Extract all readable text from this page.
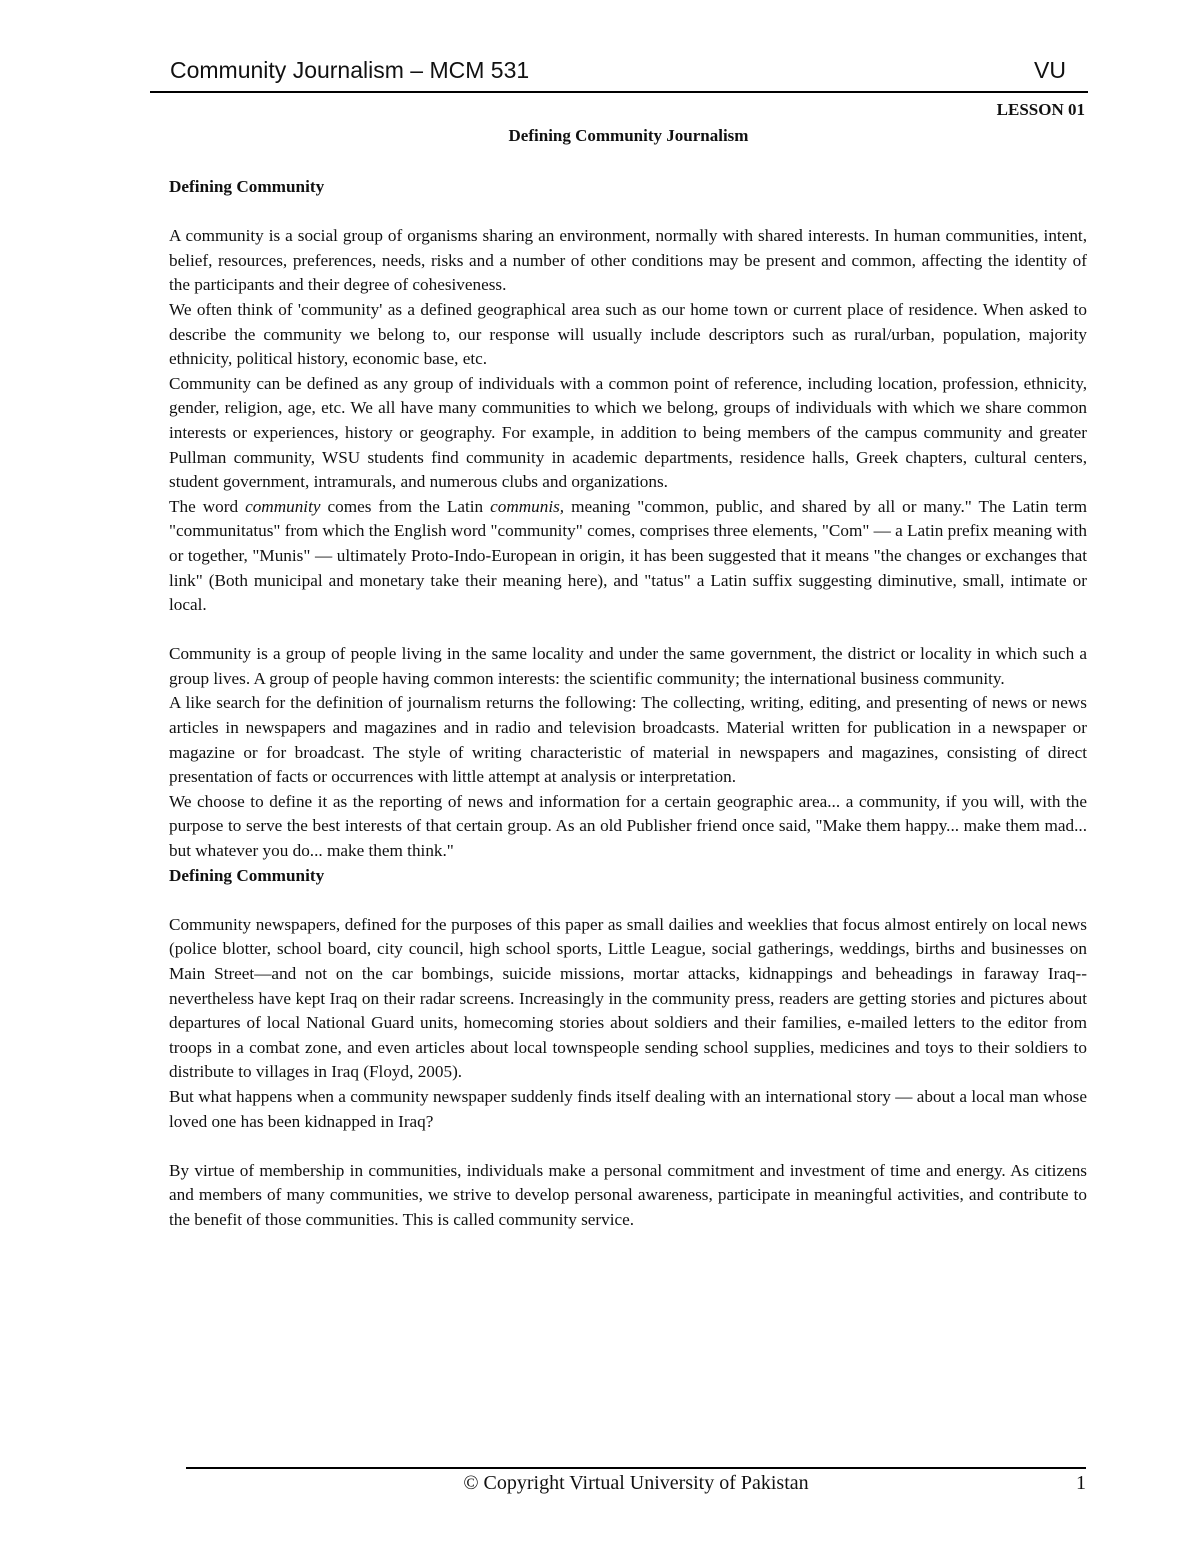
Community Journalism – MCM 531	VU
LESSON 01
Defining Community Journalism

Defining Community

A community is a social group of organisms sharing an environment, normally with shared interests. In human communities, intent, belief, resources, preferences, needs, risks and a number of other conditions may be present and common, affecting the identity of the participants and their degree of cohesiveness.

We often think of 'community' as a defined geographical area such as our home town or current place of residence. When asked to describe the community we belong to, our response will usually include descriptors such as rural/urban, population, majority ethnicity, political history, economic base, etc.

Community can be defined as any group of individuals with a common point of reference, including location, profession, ethnicity, gender, religion, age, etc. We all have many communities to which we belong, groups of individuals with which we share common interests or experiences, history or geography. For example, in addition to being members of the campus community and greater Pullman community, WSU students find community in academic departments, residence halls, Greek chapters, cultural centers, student government, intramurals, and numerous clubs and organizations.

The word community comes from the Latin communis, meaning "common, public, and shared by all or many." The Latin term "communitatus" from which the English word "community" comes, comprises three elements, "Com" — a Latin prefix meaning with or together, "Munis" — ultimately Proto-Indo-European in origin, it has been suggested that it means "the changes or exchanges that link" (Both municipal and monetary take their meaning here), and "tatus" a Latin suffix suggesting diminutive, small, intimate or local.

Community is a group of people living in the same locality and under the same government, the district or locality in which such a group lives. A group of people having common interests: the scientific community; the international business community.

A like search for the definition of journalism returns the following: The collecting, writing, editing, and presenting of news or news articles in newspapers and magazines and in radio and television broadcasts. Material written for publication in a newspaper or magazine or for broadcast. The style of writing characteristic of material in newspapers and magazines, consisting of direct presentation of facts or occurrences with little attempt at analysis or interpretation.

We choose to define it as the reporting of news and information for a certain geographic area... a community, if you will, with the purpose to serve the best interests of that certain group. As an old Publisher friend once said, "Make them happy... make them mad... but whatever you do... make them think."

Defining Community

Community newspapers, defined for the purposes of this paper as small dailies and weeklies that focus almost entirely on local news (police blotter, school board, city council, high school sports, Little League, social gatherings, weddings, births and businesses on Main Street—and not on the car bombings, suicide missions, mortar attacks, kidnappings and beheadings in faraway Iraq--nevertheless have kept Iraq on their radar screens. Increasingly in the community press, readers are getting stories and pictures about departures of local National Guard units, homecoming stories about soldiers and their families, e-mailed letters to the editor from troops in a combat zone, and even articles about local townspeople sending school supplies, medicines and toys to their soldiers to distribute to villages in Iraq (Floyd, 2005).

But what happens when a community newspaper suddenly finds itself dealing with an international story — about a local man whose loved one has been kidnapped in Iraq?

By virtue of membership in communities, individuals make a personal commitment and investment of time and energy. As citizens and members of many communities, we strive to develop personal awareness, participate in meaningful activities, and contribute to the benefit of those communities. This is called community service.

© Copyright Virtual University of Pakistan	1
